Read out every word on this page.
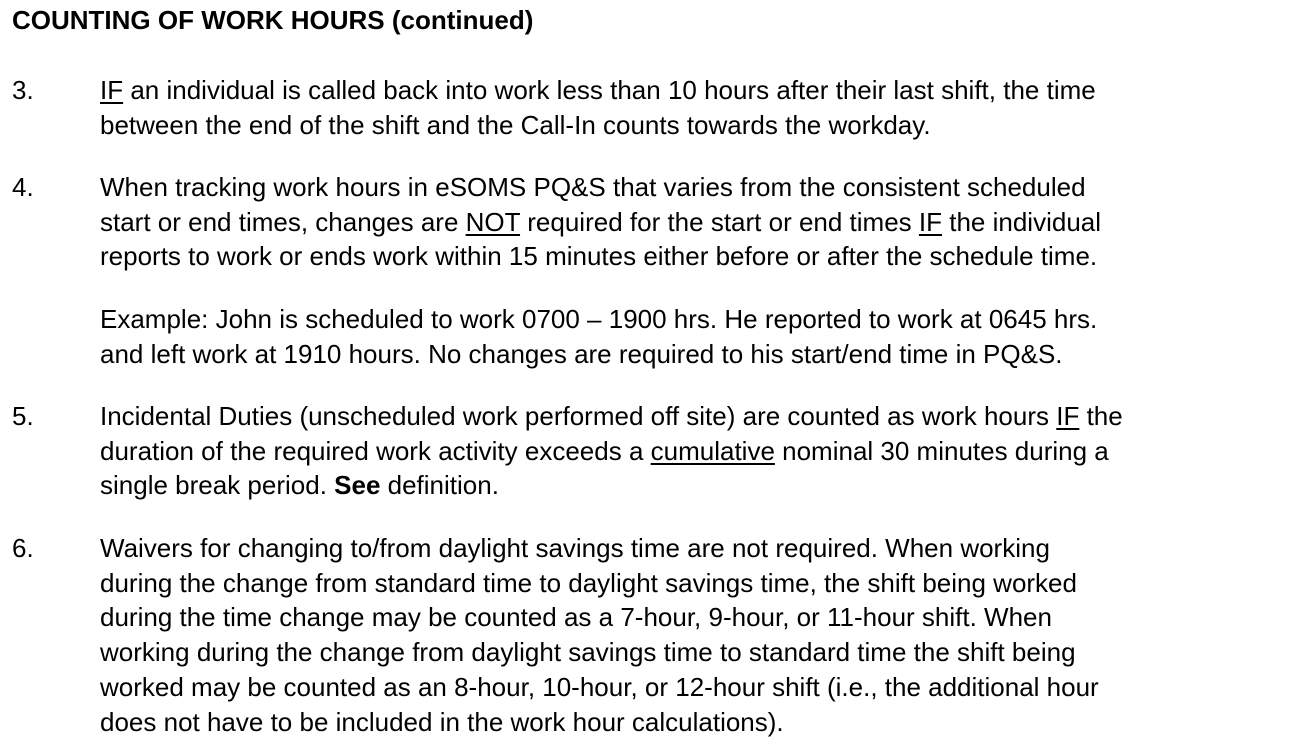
COUNTING OF WORK HOURS (continued)
3.	IF an individual is called back into work less than 10 hours after their last shift, the time
between the end of the shift and the Call-In counts towards the workday.
4.	When tracking work hours in eSOMS PQ&S that varies from the consistent scheduled
start or end times, changes are NOT required for the start or end times IF the individual
reports to work or ends work within 15 minutes either before or after the schedule time.
Example: John is scheduled to work 0700 – 1900 hrs. He reported to work at 0645 hrs.
and left work at 1910 hours. No changes are required to his start/end time in PQ&S.
5.	Incidental Duties (unscheduled work performed off site) are counted as work hours IF the
duration of the required work activity exceeds a cumulative nominal 30 minutes during a
single break period. See definition.
6.	Waivers for changing to/from daylight savings time are not required. When working
during the change from standard time to daylight savings time, the shift being worked
during the time change may be counted as a 7-hour, 9-hour, or 11-hour shift. When
working during the change from daylight savings time to standard time the shift being
worked may be counted as an 8-hour, 10-hour, or 12-hour shift (i.e., the additional hour
does not have to be included in the work hour calculations).
